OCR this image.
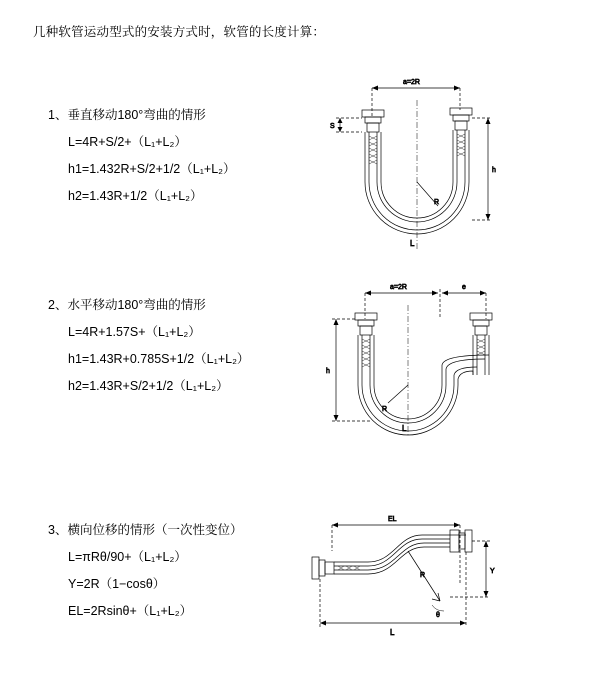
几种软管运动型式的安装方式时，软管的长度计算：
1、垂直移动180°弯曲的情形
L=4R+S/2+（L₁+L₂）
h1=1.432R+S/2+1/2（L₁+L₂）
h2=1.43R+1/2（L₁+L₂）
a=2R
R
h
S
L
2、水平移动180°弯曲的情形
L=4R+1.57S+（L₁+L₂）
h1=1.43R+0.785S+1/2（L₁+L₂）
h2=1.43R+S/2+1/2（L₁+L₂）
a=2R	e
R
h
L
3、横向位移的情形（一次性变位）
L=πRθ/90+（L₁+L₂）
Y=2R（1−cosθ）
EL=2Rsinθ+（L₁+L₂）
EL
Y
R
θ
L
